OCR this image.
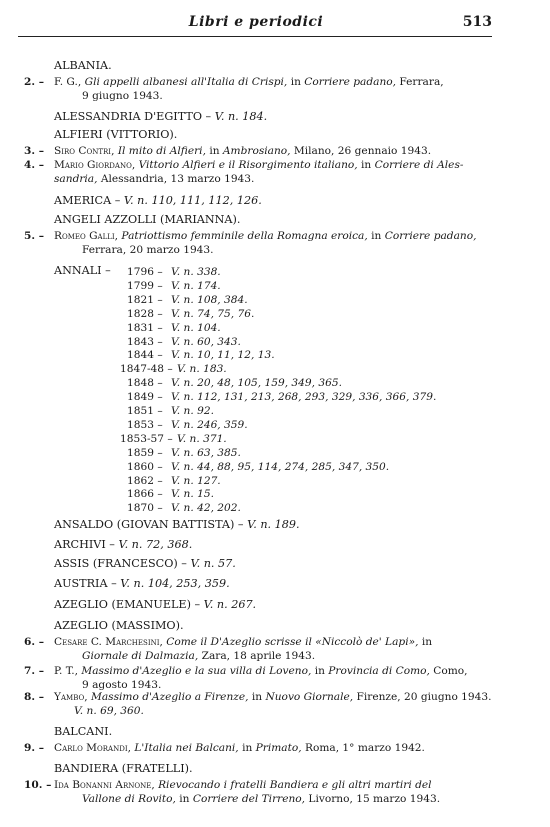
Libri e periodici	513
ALBANIA.
2. – F. G., Gli appelli albanesi all'Italia di Crispi, in Corriere padano, Ferrara,
9 giugno 1943.
ALESSANDRIA D'EGITTO – V. n. 184.
ALFIERI (VITTORIO).
3. – Siro Contri, Il mito di Alfieri, in Ambrosiano, Milano, 26 gennaio 1943.
4. – Mario Giordano, Vittorio Alfieri e il Risorgimento italiano, in Corriere di Ales-
sandria, Alessandria, 13 marzo 1943.
AMERICA – V. n. 110, 111, 112, 126.
ANGELI AZZOLLI (MARIANNA).
5. – Romeo Galli, Patriottismo femminile della Romagna eroica, in Corriere padano,
Ferrara, 20 marzo 1943.
ANNALI – 1796 – V. n. 338.
1799 – V. n. 174.
1821 – V. n. 108, 384.
1828 – V. n. 74, 75, 76.
1831 – V. n. 104.
1843 – V. n. 60, 343.
1844 – V. n. 10, 11, 12, 13.
1847-48 – V. n. 183.
1848 – V. n. 20, 48, 105, 159, 349, 365.
1849 – V. n. 112, 131, 213, 268, 293, 329, 336, 366, 379.
1851 – V. n. 92.
1853 – V. n. 246, 359.
1853-57 – V. n. 371.
1859 – V. n. 63, 385.
1860 – V. n. 44, 88, 95, 114, 274, 285, 347, 350.
1862 – V. n. 127.
1866 – V. n. 15.
1870 – V. n. 42, 202.
ANSALDO (GIOVAN BATTISTA) – V. n. 189.
ARCHIVI – V. n. 72, 368.
ASSIS (FRANCESCO) – V. n. 57.
AUSTRIA – V. n. 104, 253, 359.
AZEGLIO (EMANUELE) – V. n. 267.
AZEGLIO (MASSIMO).
6. – Cesare C. Marchesini, Come il D'Azeglio scrisse il «Niccolò de' Lapi», in
Giornale di Dalmazia, Zara, 18 aprile 1943.
7. – P. T., Massimo d'Azeglio e la sua villa di Loveno, in Provincia di Como, Como,
9 agosto 1943.
8. – Yambo, Massimo d'Azeglio a Firenze, in Nuovo Giornale, Firenze, 20 giugno 1943.
V. n. 69, 360.
BALCANI.
9. – Carlo Morandi, L'Italia nei Balcani, in Primato, Roma, 1° marzo 1942.
BANDIERA (FRATELLI).
10. – Ida Bonanni Arnone, Rievocando i fratelli Bandiera e gli altri martiri del
Vallone di Rovito, in Corriere del Tirreno, Livorno, 15 marzo 1943.
